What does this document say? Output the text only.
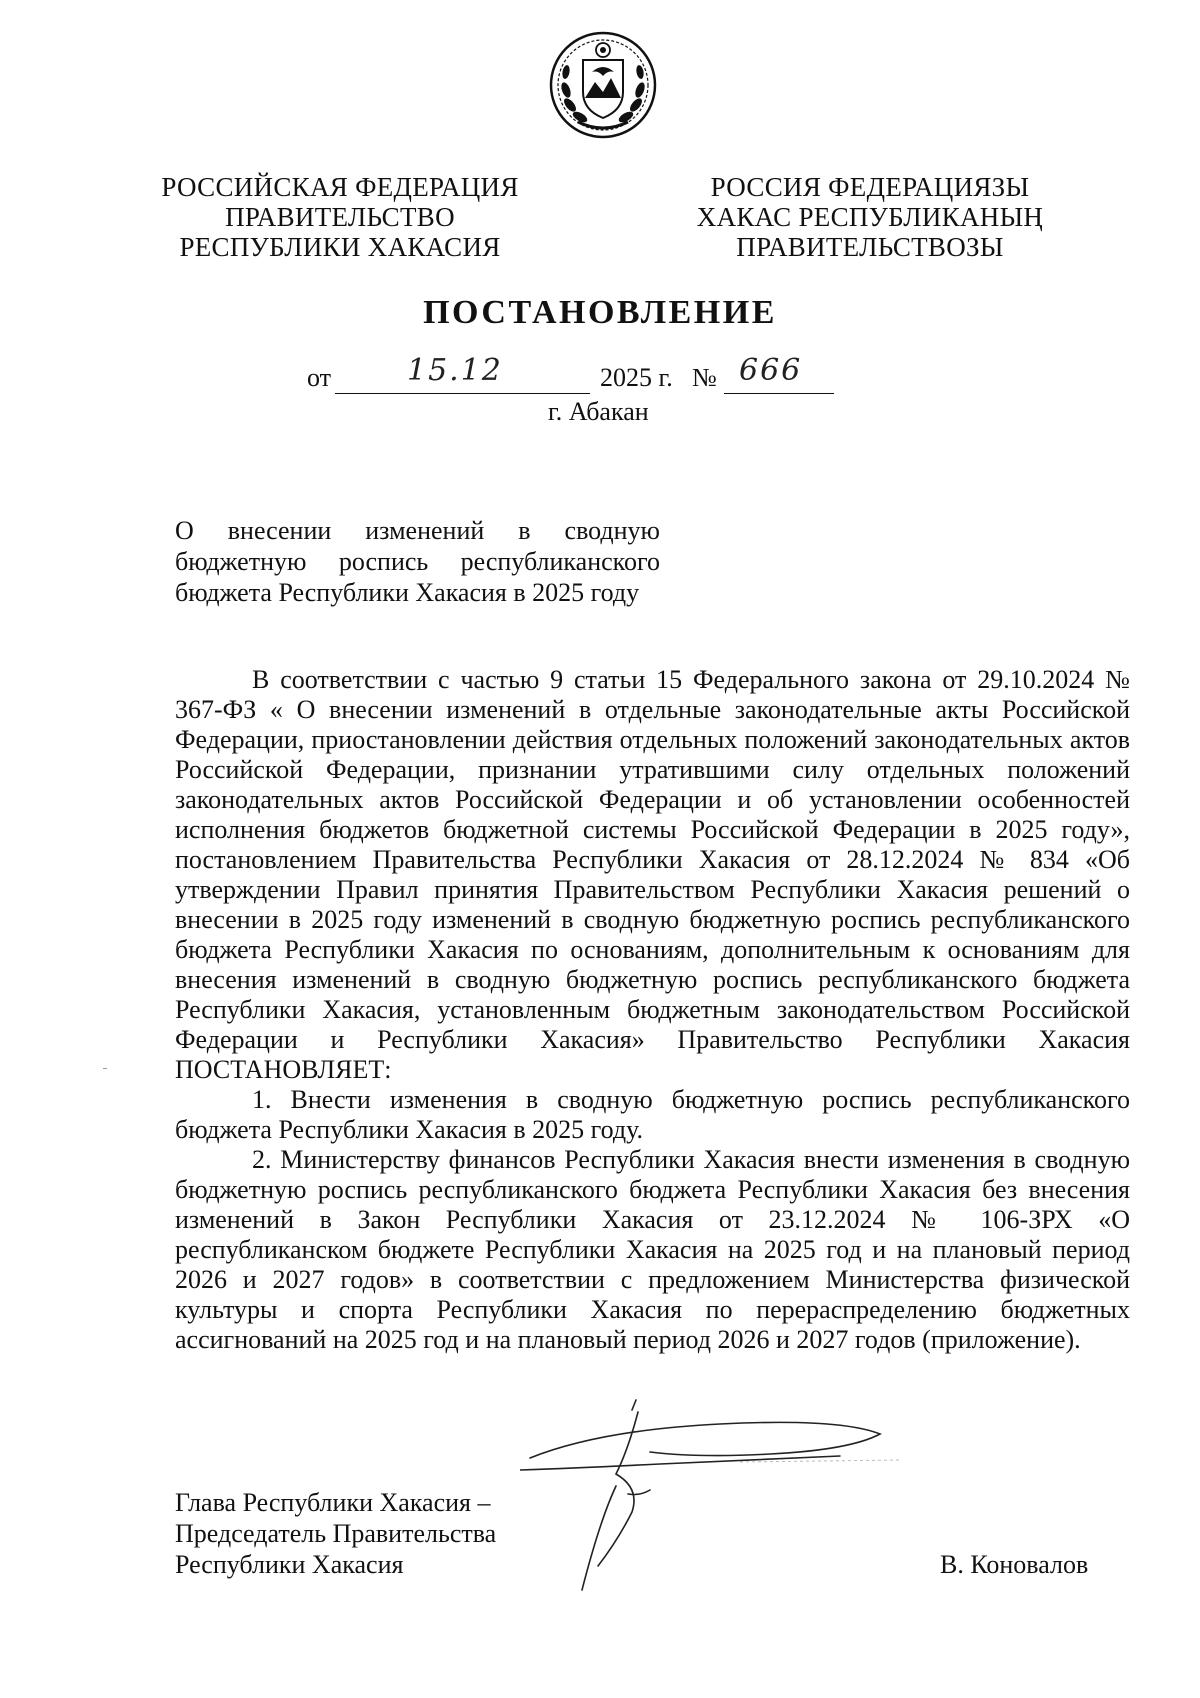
РОССИЙСКАЯ ФЕДЕРАЦИЯ
ПРАВИТЕЛЬСТВО
РЕСПУБЛИКИ ХАКАСИЯ
РОССИЯ ФЕДЕРАЦИЯЗЫ
ХАКАС РЕСПУБЛИКАНЫҢ
ПРАВИТЕЛЬСТВОЗЫ
ПОСТАНОВЛЕНИЕ
от	15.12	2025 г. № 666
г. Абакан
О внесении изменений в сводную
бюджетную роспись республиканского
бюджета Республики Хакасия в 2025 году

В соответствии с частью 9 статьи 15 Федерального закона от 29.10.2024 № 367-ФЗ « О внесении изменений в отдельные законодательные акты Российской Федерации, приостановлении действия отдельных положений законодательных актов Российской Федерации, признании утратившими силу отдельных положений законодательных актов Российской Федерации и об установлении особенностей исполнения бюджетов бюджетной системы Российской Федерации в 2025 году», постановлением Правительства Республики Хакасия от 28.12.2024 № 834 «Об утверждении Правил принятия Правительством Республики Хакасия решений о внесении в 2025 году изменений в сводную бюджетную роспись республиканского бюджета Республики Хакасия по основаниям, дополнительным к основаниям для внесения изменений в сводную бюджетную роспись республиканского бюджета Республики Хакасия, установленным бюджетным законодательством Российской Федерации и Республики Хакасия» Правительство Республики Хакасия ПОСТАНОВЛЯЕТ:

1. Внести изменения в сводную бюджетную роспись республиканского бюджета Республики Хакасия в 2025 году.

2. Министерству финансов Республики Хакасия внести изменения в сводную бюджетную роспись республиканского бюджета Республики Хакасия без внесения изменений в Закон Республики Хакасия от 23.12.2024 № 106-ЗРХ «О республиканском бюджете Республики Хакасия на 2025 год и на плановый период 2026 и 2027 годов» в соответствии с предложением Министерства физической культуры и спорта Республики Хакасия по перераспределению бюджетных ассигнований на 2025 год и на плановый период 2026 и 2027 годов (приложение).

Глава Республики Хакасия –
Председатель Правительства
Республики Хакасия	В. Коновалов
